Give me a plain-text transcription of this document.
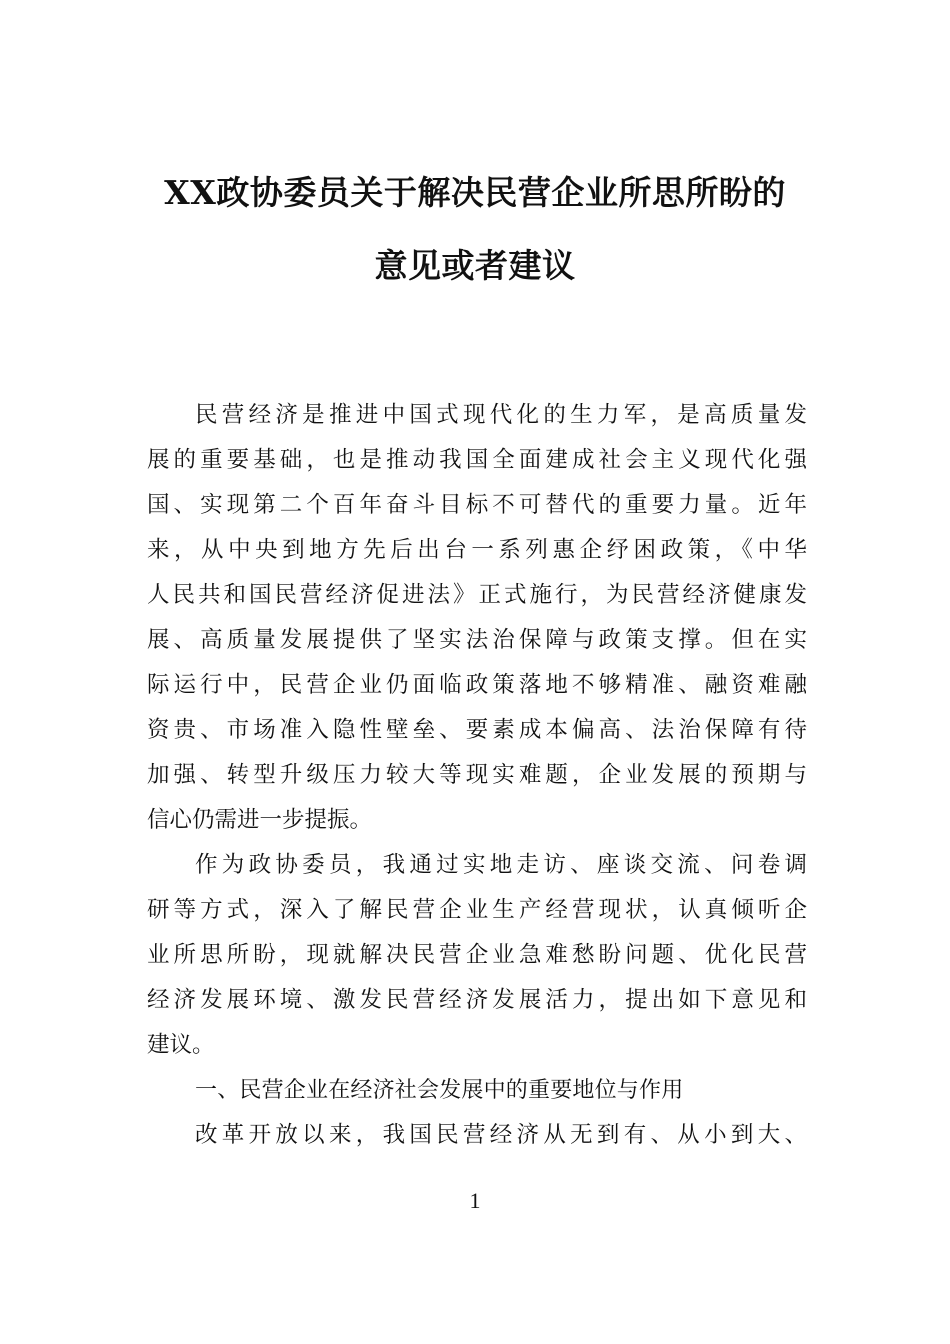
XX政协委员关于解决民营企业所思所盼的
意见或者建议
民营经济是推进中国式现代化的生力军，是高质量发
展的重要基础，也是推动我国全面建成社会主义现代化强
国、实现第二个百年奋斗目标不可替代的重要力量。近年
来，从中央到地方先后出台一系列惠企纾困政策，《中华
人民共和国民营经济促进法》正式施行，为民营经济健康发
展、高质量发展提供了坚实法治保障与政策支撑。但在实
际运行中，民营企业仍面临政策落地不够精准、融资难融
资贵、市场准入隐性壁垒、要素成本偏高、法治保障有待
加强、转型升级压力较大等现实难题，企业发展的预期与
信心仍需进一步提振。
作为政协委员，我通过实地走访、座谈交流、问卷调
研等方式，深入了解民营企业生产经营现状，认真倾听企
业所思所盼，现就解决民营企业急难愁盼问题、优化民营
经济发展环境、激发民营经济发展活力，提出如下意见和
建议。
一、民营企业在经济社会发展中的重要地位与作用
改革开放以来，我国民营经济从无到有、从小到大、
1
